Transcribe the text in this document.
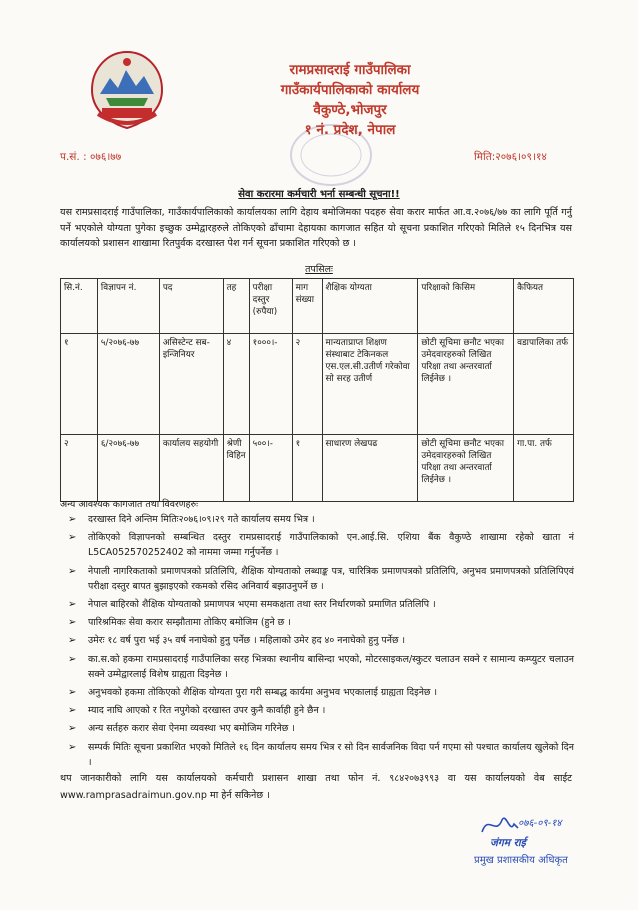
रामप्रसादराई गाउँपालिका
गाउँकार्यपालिकाको कार्यालय
वैकुण्ठे,भोजपुर
१ नं. प्रदेश, नेपाल
प.सं. : ०७६।७७	मिति:२०७६।०९।१४
सेवा करारमा कर्मचारी भर्ना सम्बन्धी सूचना!!
यस रामप्रसादराई गाउँपालिका, गाउँकार्यपालिकाको कार्यालयका लागि देहाय बमोजिमका पदहरु सेवा करार मार्फत आ.व.२०७६/७७ का लागि पूर्ति गर्नु पर्ने भएकोले योग्यता पुगेका इच्छुक उम्मेद्वारहरुले तोकिएको ढाँचामा देहायका कागजात सहित यो सूचना प्रकाशित गरिएको मितिले १५ दिनभित्र यस कार्यालयको प्रशासन शाखामा रितपुर्वक दरखास्त पेश गर्न सूचना प्रकाशित गरिएको छ ।
तपसिलः
सि.नं.	विज्ञापन नं.	पद	तह	परीक्षा दस्तुर (रुपैया)	माग संख्या	शैक्षिक योग्यता	परिक्षाको किसिम	कैफियत
१	५/२०७६-७७	असिस्टेन्ट सब-इन्जिनियर	४	१०००।-	२	मान्यताप्राप्त शिक्षण संस्थाबाट टेकिनकल एस.एल.सी.उतीर्ण गरेकोवा सो सरह उतीर्ण	छोटी सूचिमा छनौट भएका उमेदवारहरुको लिखित परिक्षा तथा अन्तरवार्ता लिईनेछ ।	वडापालिका तर्फ
२	६/२०७६-७७	कार्यालय सहयोगी	श्रेणी विहिन	५००।-	१	साधारण लेखपढ	छोटी सूचिमा छनौट भएका उमेदवारहरुको लिखित परिक्षा तथा अन्तरवार्ता लिईनेछ ।	गा.पा. तर्फ
अन्य आवश्यक कागजात तथा विवरणहरुः
➢ दरखास्त दिने अन्तिम मितिः२०७६।०९।२९ गते कार्यालय समय भित्र ।
➢ तोकिएको विज्ञापनको सम्बन्धित दस्तुर रामप्रसादराई गाउँपालिकाको एन.आई.सि. एशिया बैंक वैकुण्ठे शाखामा रहेको खाता नं L5CA052570252402 को नाममा जम्मा गर्नुपर्नेछ ।
➢ नेपाली नागरिकताको प्रमाणपत्रको प्रतिलिपि, शैक्षिक योग्यताको लब्धाङ्क पत्र, चारित्रिक प्रमाणपत्रको प्रतिलिपि, अनुभव प्रमाणपत्रको प्रतिलिपिएवं परीक्षा दस्तुर बापत बुझाइएको रकमको रसिद अनिवार्य बझाउनुपर्ने छ ।
➢ नेपाल बाहिरको शैक्षिक योग्यताको प्रमाणपत्र भएमा समकक्षता तथा स्तर निर्धारणको प्रमाणित प्रतिलिपि ।
➢ पारिश्रमिकः सेवा करार सम्झौतामा तोकिए बमोजिम (हुने छ ।
➢ उमेरः १८ वर्ष पुरा भई ३५ वर्ष ननाघेको हुनु पर्नेछ । महिलाको उमेर हद ४० ननाघेको हुनु पर्नेछ ।
➢ का.स.को हकमा रामप्रसादराई गाउँपालिका सरह भित्रका स्थानीय बासिन्दा भएको, मोटरसाइकल/स्कुटर चलाउन सक्ने र सामान्य कम्प्युटर चलाउन सक्ने उम्मेद्वारलाई विशेष ग्राह्यता दिइनेछ ।
➢ अनुभवको हकमा तोकिएको शैक्षिक योग्यता पुरा गरी सम्बद्ध कार्यमा अनुभव भएकालाई ग्राह्यता दिइनेछ ।
➢ म्याद नाघि आएको र रित नपुगेको दरखास्त उपर कुनै कार्वाही हुने छैन ।
➢ अन्य सर्तहरु करार सेवा ऐनमा व्यवस्था भए बमोजिम गरिनेछ ।
➢ सम्पर्क मितिः सूचना प्रकाशित भएको मितिले १६ दिन कार्यालय समय भित्र र सो दिन सार्वजनिक विदा पर्न गएमा सो पश्चात कार्यालय खुलेको दिन ।
थप जानकारीको लागि यस कार्यालयको कर्मचारी प्रशासन शाखा तथा फोन नं. ९८४२०७३९९३ वा यस कार्यालयको वेब साईट www.ramprasadraimun.gov.np मा हेर्न सकिनेछ ।
०७६-०९-१४
जंगम राई
प्रमुख प्रशासकीय अधिकृत
